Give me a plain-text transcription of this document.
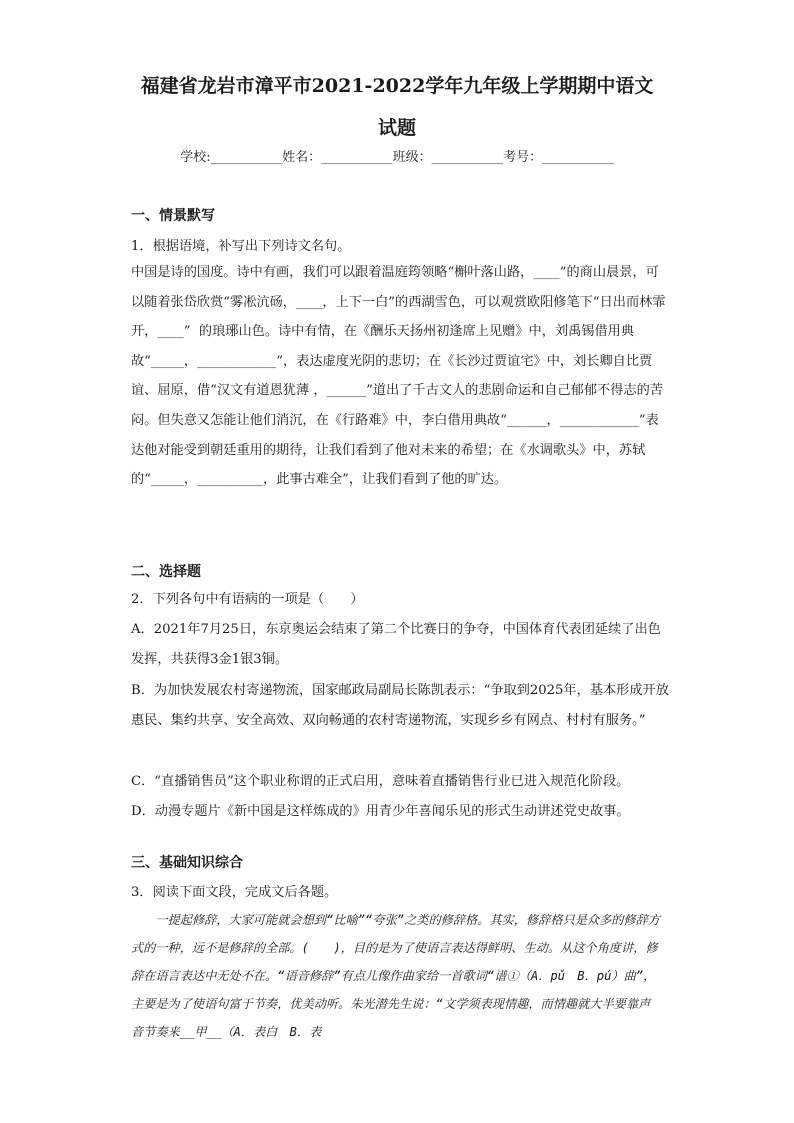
福建省龙岩市漳平市2021-2022学年九年级上学期期中语文
试题
学校:___________姓名：___________班级：___________考号：___________
一、情景默写
1．根据语境，补写出下列诗文名句。
中国是诗的国度。诗中有画，我们可以跟着温庭筠领略“槲叶落山路，____”的商山晨景，可以随着张岱欣赏“雾凇沆砀，____，上下一白”的西湖雪色，可以观赏欧阳修笔下“日出而林霏开，____”  的琅琊山色。诗中有情，在《酬乐天扬州初逢席上见赠》中，刘禹锡借用典故“_____，____________”，表达虚度光阴的悲切；在《长沙过贾谊宅》中，刘长卿自比贾谊、屈原，借“汉文有道恩犹薄 ，______”道出了千古文人的悲剧命运和自己郁郁不得志的苦闷。但失意又怎能让他们消沉，在《行路难》中，李白借用典故“______，____________”表达他对能受到朝廷重用的期待，让我们看到了他对未来的希望；在《水调歌头》中，苏轼的“_____，__________，此事古难全”，让我们看到了他的旷达。
二、选择题
2．下列各句中有语病的一项是（　　）
A．2021年7月25日，东京奥运会结束了第二个比赛日的争夺，中国体育代表团延续了出色发挥，共获得3金1银3铜。
B．为加快发展农村寄递物流，国家邮政局副局长陈凯表示：“争取到2025年，基本形成开放惠民、集约共享、安全高效、双向畅通的农村寄递物流，实现乡乡有网点、村村有服务。”
C．“直播销售员”这个职业称谓的正式启用，意味着直播销售行业已进入规范化阶段。
D．动漫专题片《新中国是这样炼成的》用青少年喜闻乐见的形式生动讲述党史故事。
三、基础知识综合
3．阅读下面文段，完成文后各题。
　　一提起修辞，大家可能就会想到“比喻”“夸张”之类的修辞格。其实，修辞格只是众多的修辞方式的一种，远不是修辞的全部。(　　)，目的是为了使语言表达得鲜明、生动。从这个角度讲，修辞在语言表达中无处不在。“语音修辞”有点儿像作曲家给一首歌词“谱①（A．pǔ　B．pú）曲”，主要是为了使语句富于节奏，优美动听。朱光潜先生说：“文学须表现情趣，而情趣就大半要靠声音节奏来__甲__（A．表白　B．表
